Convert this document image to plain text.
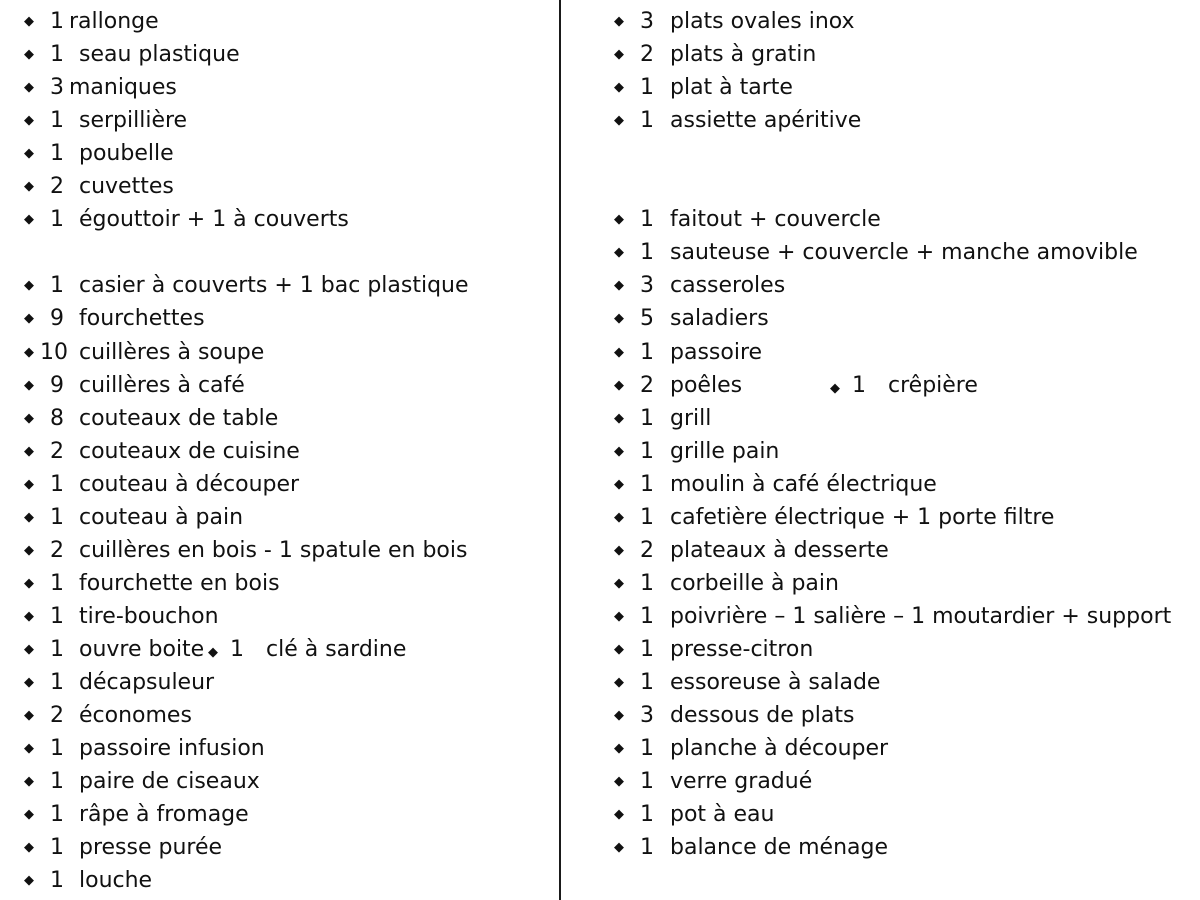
◆ 1 rallonge
◆ 1 seau plastique
◆ 3 maniques
◆ 1 serpillière
◆ 1 poubelle
◆ 2 cuvettes
◆ 1 égouttoir + 1 à couverts
◆ 1 casier à couverts + 1 bac plastique
◆ 9 fourchettes
◆ 10 cuillères à soupe
◆ 9 cuillères à café
◆ 8 couteaux de table
◆ 2 couteaux de cuisine
◆ 1 couteau à découper
◆ 1 couteau à pain
◆ 2 cuillères en bois - 1 spatule en bois
◆ 1 fourchette en bois
◆ 1 tire-bouchon
◆ 1 ouvre boite ◆ 1 clé à sardine
◆ 1 décapsuleur
◆ 2 économes
◆ 1 passoire infusion
◆ 1 paire de ciseaux
◆ 1 râpe à fromage
◆ 1 presse purée
◆ 1 louche
◆ 3 plats ovales inox
◆ 2 plats à gratin
◆ 1 plat à tarte
◆ 1 assiette apéritive
◆ 1 faitout + couvercle
◆ 1 sauteuse + couvercle + manche amovible
◆ 3 casseroles
◆ 5 saladiers
◆ 1 passoire
◆ 2 poêles	◆ 1 crêpière
◆ 1 grill
◆ 1 grille pain
◆ 1 moulin à café électrique
◆ 1 cafetière électrique + 1 porte filtre
◆ 2 plateaux à desserte
◆ 1 corbeille à pain
◆ 1 poivrière – 1 salière – 1 moutardier + support
◆ 1 presse-citron
◆ 1 essoreuse à salade
◆ 3 dessous de plats
◆ 1 planche à découper
◆ 1 verre gradué
◆ 1 pot à eau
◆ 1 balance de ménage
